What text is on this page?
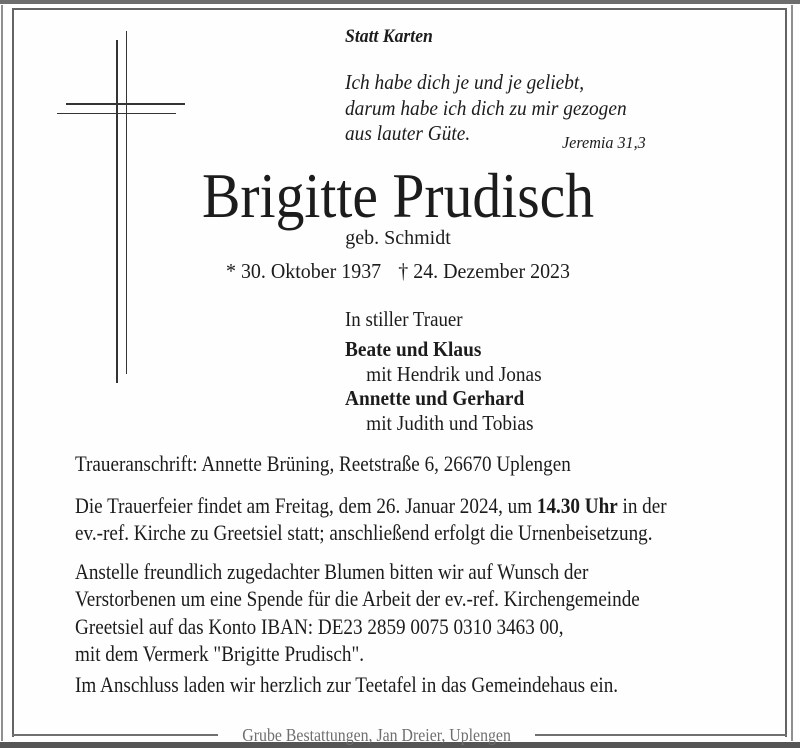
Statt Karten
Ich habe dich je und je geliebt,
darum habe ich dich zu mir gezogen
aus lauter Güte.	Jeremia 31,3
Brigitte Prudisch
geb. Schmidt
* 30. Oktober 1937 † 24. Dezember 2023
In stiller Trauer
Beate und Klaus
mit Hendrik und Jonas
Annette und Gerhard
mit Judith und Tobias
Traueranschrift: Annette Brüning, Reetstraße 6, 26670 Uplengen
Die Trauerfeier findet am Freitag, dem 26. Januar 2024, um 14.30 Uhr in der
ev.-ref. Kirche zu Greetsiel statt; anschließend erfolgt die Urnenbeisetzung.
Anstelle freundlich zugedachter Blumen bitten wir auf Wunsch der
Verstorbenen um eine Spende für die Arbeit der ev.-ref. Kirchengemeinde
Greetsiel auf das Konto IBAN: DE23 2859 0075 0310 3463 00,
mit dem Vermerk "Brigitte Prudisch".
Im Anschluss laden wir herzlich zur Teetafel in das Gemeindehaus ein.
Grube Bestattungen, Jan Dreier, Uplengen
